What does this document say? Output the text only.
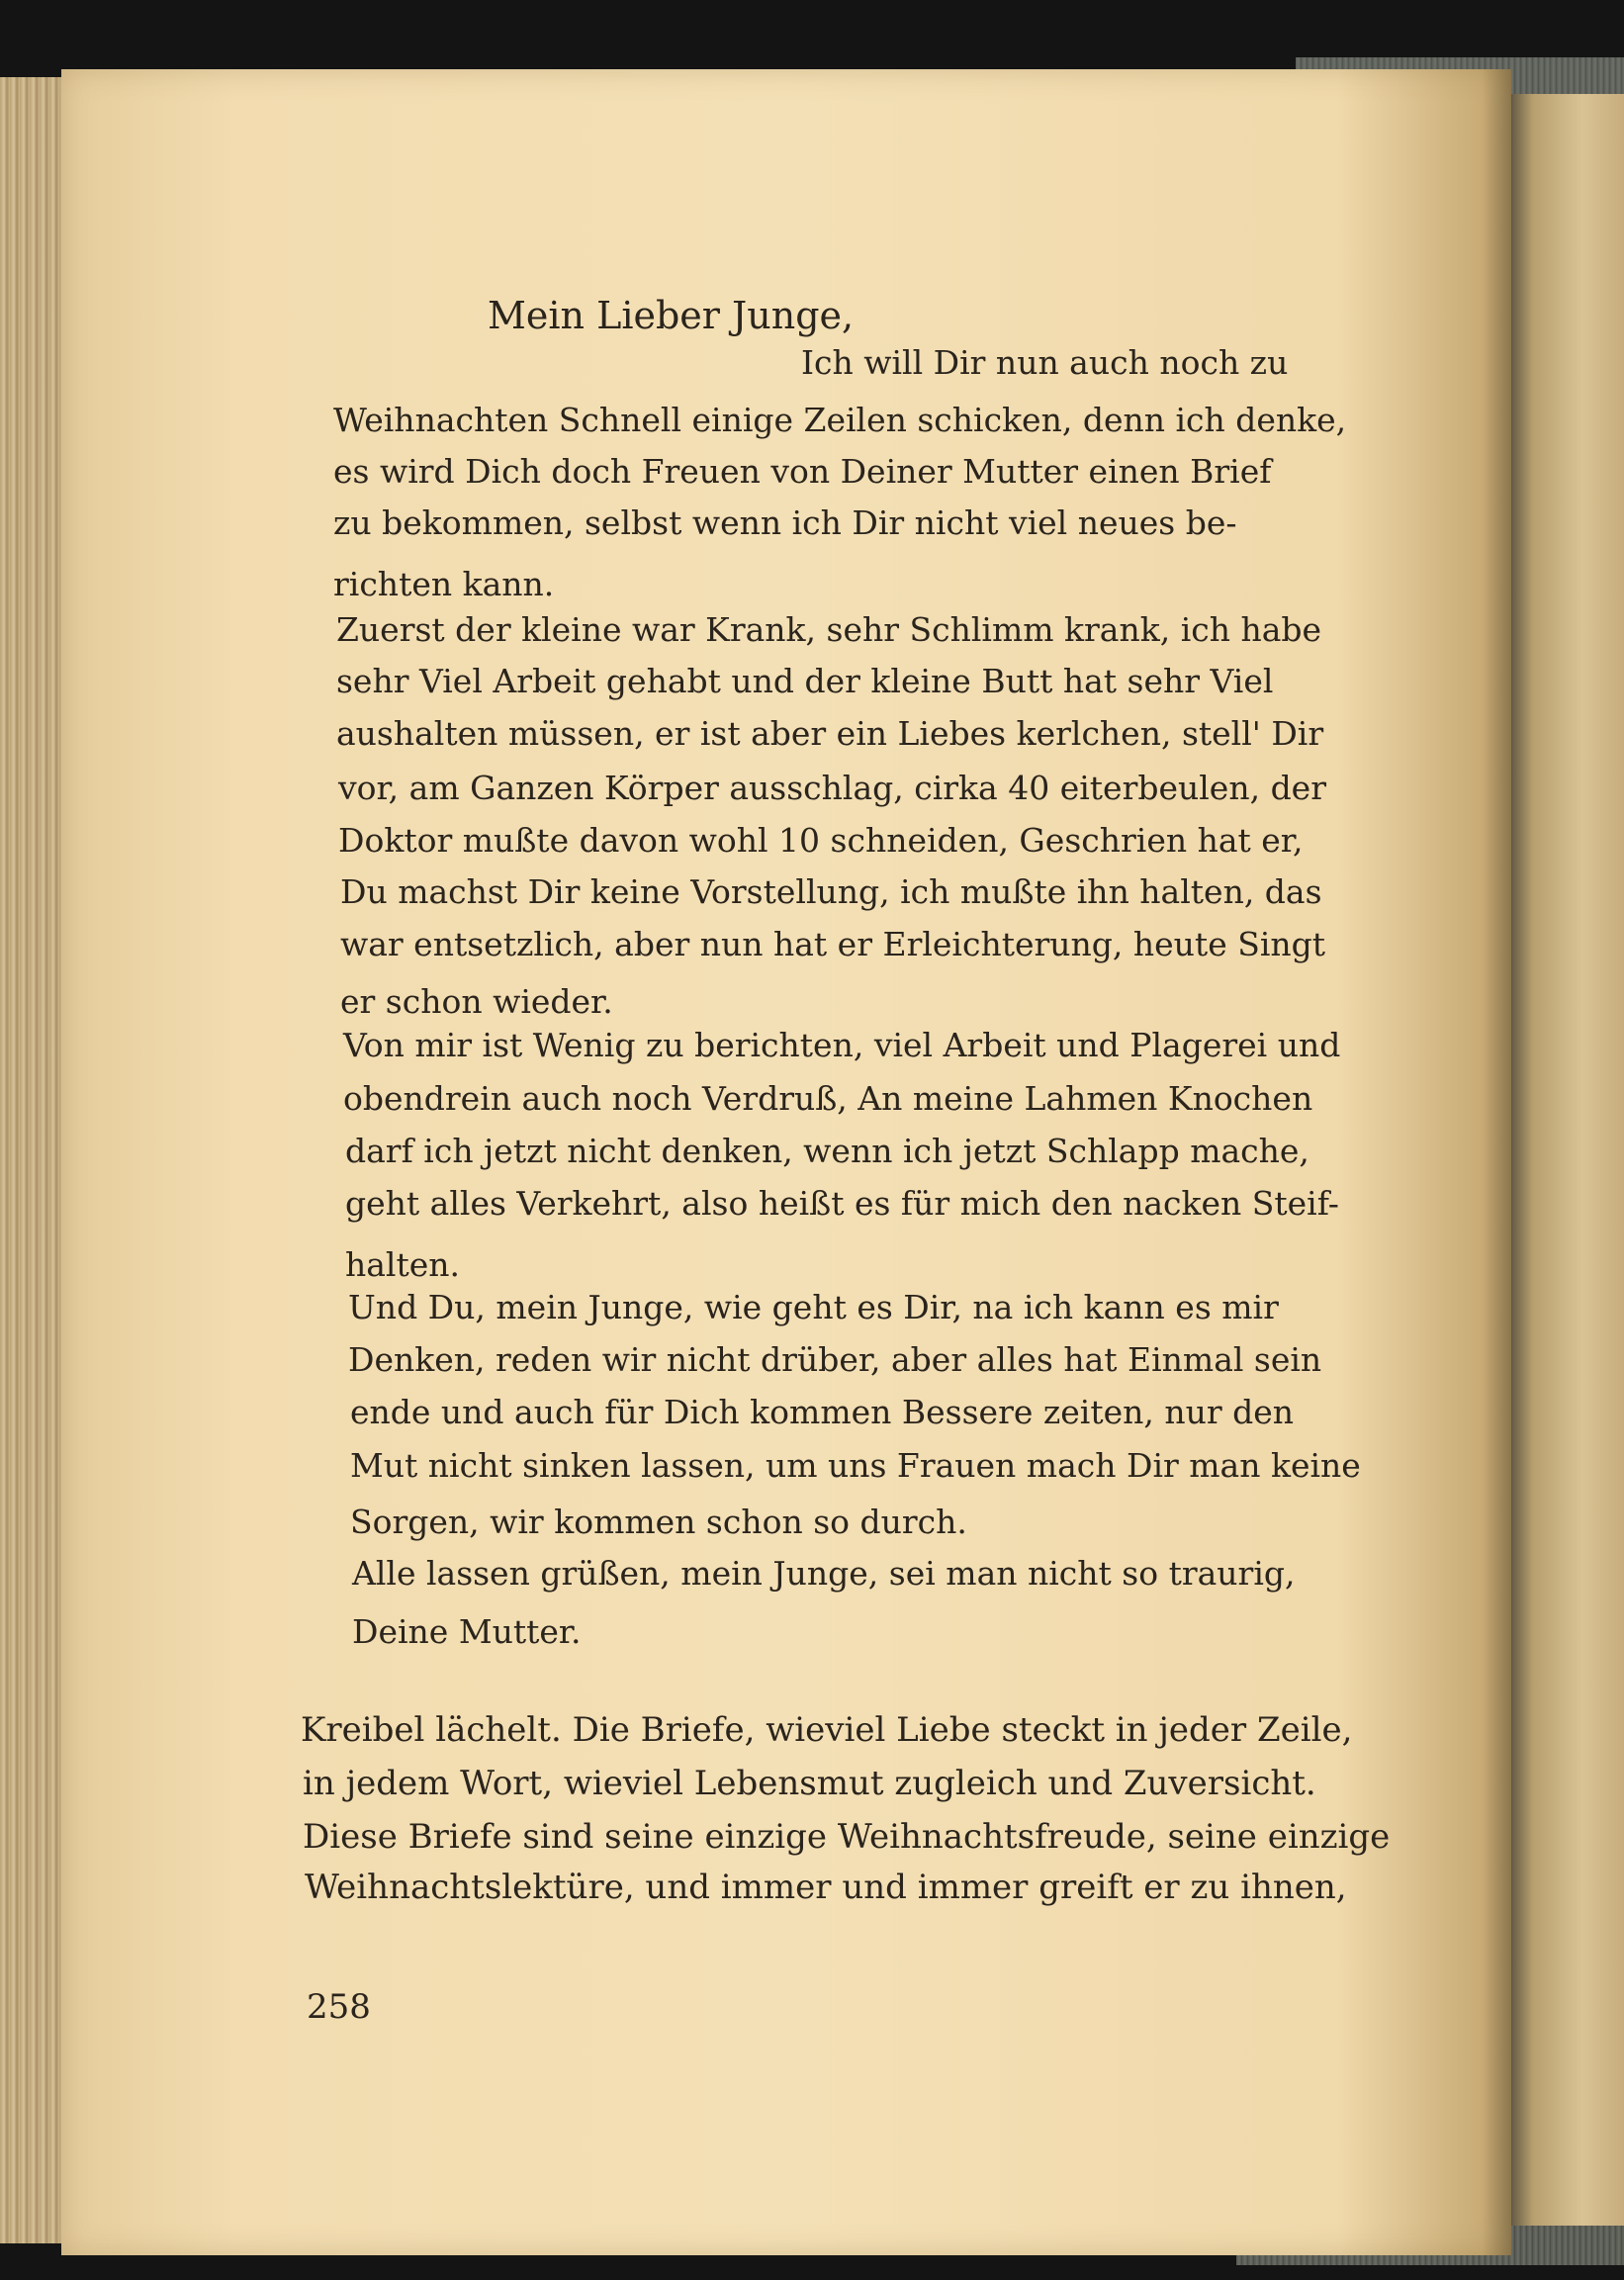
Mein Lieber Junge,
Ich will Dir nun auch noch zu
Weihnachten Schnell einige Zeilen schicken, denn ich denke,
es wird Dich doch Freuen von Deiner Mutter einen Brief
zu bekommen, selbst wenn ich Dir nicht viel neues be-
richten kann.
Zuerst der kleine war Krank, sehr Schlimm krank, ich habe
sehr Viel Arbeit gehabt und der kleine Butt hat sehr Viel
aushalten müssen, er ist aber ein Liebes kerlchen, stell' Dir
vor, am Ganzen Körper ausschlag, cirka 40 eiterbeulen, der
Doktor mußte davon wohl 10 schneiden, Geschrien hat er,
Du machst Dir keine Vorstellung, ich mußte ihn halten, das
war entsetzlich, aber nun hat er Erleichterung, heute Singt
er schon wieder.
Von mir ist Wenig zu berichten, viel Arbeit und Plagerei und
obendrein auch noch Verdruß, An meine Lahmen Knochen
darf ich jetzt nicht denken, wenn ich jetzt Schlapp mache,
geht alles Verkehrt, also heißt es für mich den nacken Steif-
halten.
Und Du, mein Junge, wie geht es Dir, na ich kann es mir
Denken, reden wir nicht drüber, aber alles hat Einmal sein
ende und auch für Dich kommen Bessere zeiten, nur den
Mut nicht sinken lassen, um uns Frauen mach Dir man keine
Sorgen, wir kommen schon so durch.
Alle lassen grüßen, mein Junge, sei man nicht so traurig,
Deine Mutter.
Kreibel lächelt. Die Briefe, wieviel Liebe steckt in jeder Zeile,
in jedem Wort, wieviel Lebensmut zugleich und Zuversicht.
Diese Briefe sind seine einzige Weihnachtsfreude, seine einzige
Weihnachtslektüre, und immer und immer greift er zu ihnen,
258
